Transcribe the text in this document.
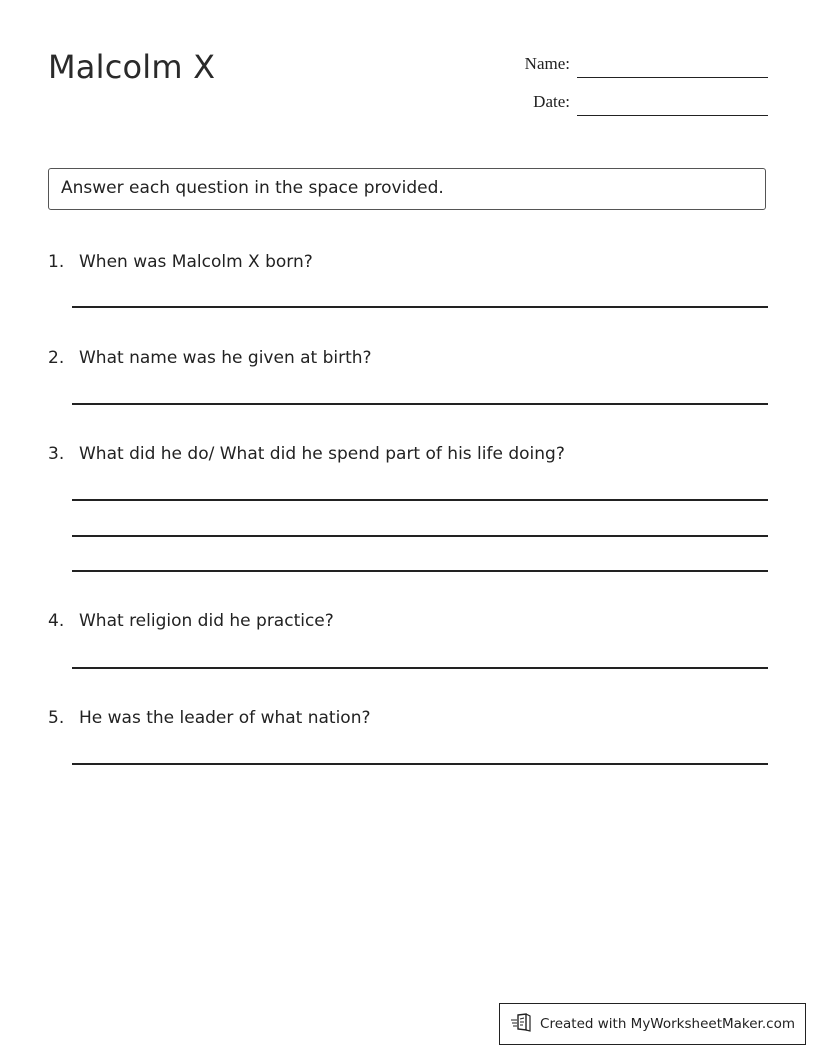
Malcolm X	Name:
Date:
Answer each question in the space provided.
1. When was Malcolm X born?
2. What name was he given at birth?
3. What did he do/ What did he spend part of his life doing?
4. What religion did he practice?
5. He was the leader of what nation?
Created with MyWorksheetMaker.com
